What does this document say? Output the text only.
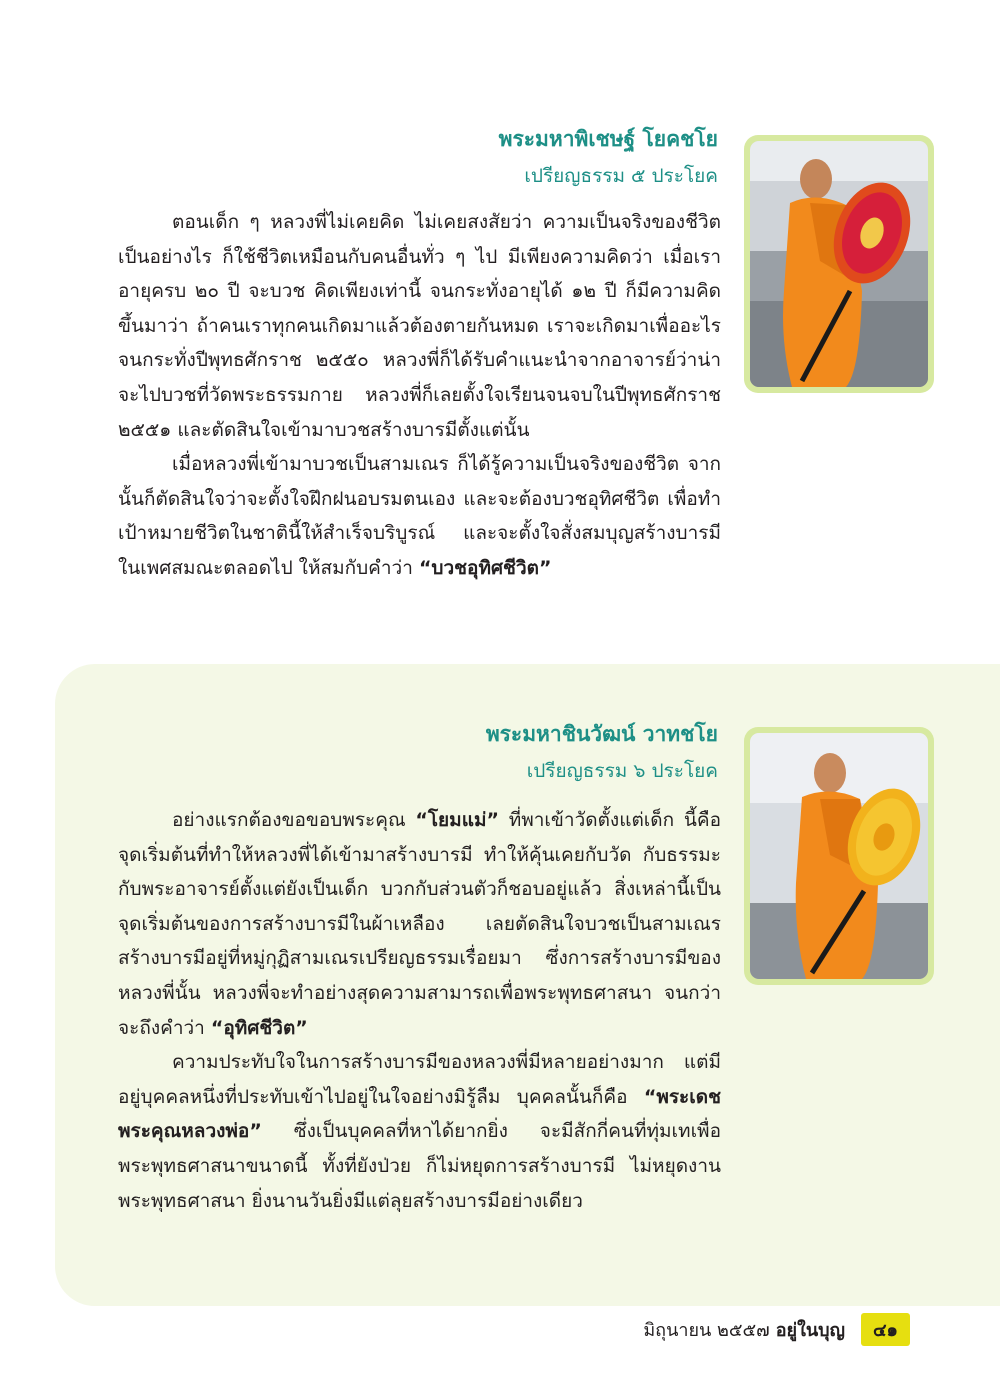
พระมหาพิเชษฐ์ โยคชโย
เปรียญธรรม ๕ ประโยค

ตอนเด็ก ๆ หลวงพี่ไม่เคยคิด ไม่เคยสงสัยว่า ความเป็นจริงของชีวิตเป็นอย่างไร ก็ใช้ชีวิตเหมือนกับคนอื่นทั่ว ๆ ไป มีเพียงความคิดว่า เมื่อเราอายุครบ ๒๐ ปี จะบวช คิดเพียงเท่านี้ จนกระทั่งอายุได้ ๑๒ ปี ก็มีความคิดขึ้นมาว่า ถ้าคนเราทุกคนเกิดมาแล้วต้องตายกันหมด เราจะเกิดมาเพื่ออะไร จนกระทั่งปีพุทธศักราช ๒๕๕๐ หลวงพี่ก็ได้รับคำแนะนำจากอาจารย์ว่าน่าจะไปบวชที่วัดพระธรรมกาย หลวงพี่ก็เลยตั้งใจเรียนจนจบในปีพุทธศักราช ๒๕๕๑ และตัดสินใจเข้ามาบวชสร้างบารมีตั้งแต่นั้น

เมื่อหลวงพี่เข้ามาบวชเป็นสามเณร ก็ได้รู้ความเป็นจริงของชีวิต จากนั้นก็ตัดสินใจว่าจะตั้งใจฝึกฝนอบรมตนเอง และจะต้องบวชอุทิศชีวิต เพื่อทำเป้าหมายชีวิตในชาตินี้ให้สำเร็จบริบูรณ์ และจะตั้งใจสั่งสมบุญสร้างบารมีในเพศสมณะตลอดไป ให้สมกับคำว่า “บวชอุทิศชีวิต”

พระมหาชินวัฒน์ วาทชโย
เปรียญธรรม ๖ ประโยค

อย่างแรกต้องขอขอบพระคุณ “โยมแม่” ที่พาเข้าวัดตั้งแต่เด็ก นี้คือจุดเริ่มต้นที่ทำให้หลวงพี่ได้เข้ามาสร้างบารมี ทำให้คุ้นเคยกับวัด กับธรรมะ กับพระอาจารย์ตั้งแต่ยังเป็นเด็ก บวกกับส่วนตัวก็ชอบอยู่แล้ว สิ่งเหล่านี้เป็นจุดเริ่มต้นของการสร้างบารมีในผ้าเหลือง เลยตัดสินใจบวชเป็นสามเณรสร้างบารมีอยู่ที่หมู่กุฏิสามเณรเปรียญธรรมเรื่อยมา ซึ่งการสร้างบารมีของหลวงพี่นั้น หลวงพี่จะทำอย่างสุดความสามารถเพื่อพระพุทธศาสนา จนกว่าจะถึงคำว่า “อุทิศชีวิต”

ความประทับใจในการสร้างบารมีของหลวงพี่มีหลายอย่างมาก แต่มีอยู่บุคคลหนึ่งที่ประทับเข้าไปอยู่ในใจอย่างมิรู้ลืม บุคคลนั้นก็คือ “พระเดชพระคุณหลวงพ่อ” ซึ่งเป็นบุคคลที่หาได้ยากยิ่ง จะมีสักกี่คนที่ทุ่มเทเพื่อพระพุทธศาสนาขนาดนี้ ทั้งที่ยังป่วย ก็ไม่หยุดการสร้างบารมี ไม่หยุดงานพระพุทธศาสนา ยิ่งนานวันยิ่งมีแต่ลุยสร้างบารมีอย่างเดียว

มิถุนายน ๒๕๕๗ อยู่ในบุญ	๔๑
